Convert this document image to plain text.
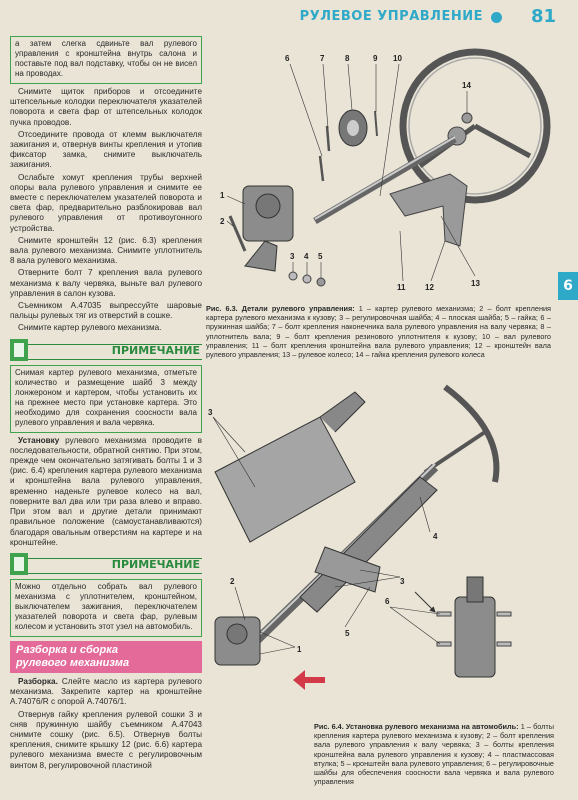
РУЛЕВОЕ УПРАВЛЕНИЕ	81
6

а затем слегка сдвиньте вал рулевого управления с кронштейна внутрь салона и поставьте под вал подставку, чтобы он не висел на проводах.

Снимите щиток приборов и отсоедините штепсельные колодки переключателя указателей поворота и света фар от штепсельных колодок пучка проводов.

Отсоедините провода от клемм выключателя зажигания и, отвернув винты крепления и утопив фиксатор замка, снимите выключатель зажигания.

Ослабьте хомут крепления трубы верхней опоры вала рулевого управления и снимите ее вместе с переключателем указателей поворота и света фар, предварительно разблокировав вал рулевого управления от противоугонного устройства.

Снимите кронштейн 12 (рис. 6.3) крепления вала рулевого механизма. Снимите уплотнитель 8 вала рулевого механизма.

Отверните болт 7 крепления вала рулевого механизма к валу червяка, выньте вал рулевого управления в салон кузова.

Съемником А.47035 выпрессуйте шаровые пальцы рулевых тяг из отверстий в сошке.

Снимите картер рулевого механизма.

ПРИМЕЧАНИЕ

Снимая картер рулевого механизма, отметьте количество и размещение шайб 3 между лонжероном и картером, чтобы установить их на прежнее место при установке картера. Это необходимо для сохранения соосности вала рулевого управления и вала червяка.

Установку рулевого механизма проводите в последовательности, обратной снятию. При этом, прежде чем окончательно затягивать болты 1 и 3 (рис. 6.4) крепления картера рулевого механизма и кронштейна вала рулевого управления, временно наденьте рулевое колесо на вал, поверните вал два или три раза влево и вправо. При этом вал и другие детали принимают правильное положение (самоустанавливаются) благодаря овальным отверстиям на картере и на кронштейне.

ПРИМЕЧАНИЕ

Можно отдельно собрать вал рулевого механизма с уплотнителем, кронштейном, выключателем зажигания, переключателем указателей поворота и света фар, рулевым колесом и установить этот узел на автомобиль.

Разборка и сборка
рулевого механизма

Разборка. Слейте масло из картера рулевого механизма. Закрепите картер на кронштейне А.74076/R с опорой А.74076/1.

Отвернув гайку крепления рулевой сошки 3 и сняв пружинную шайбу съемником А.47043 снимите сошку (рис. 6.5). Отвернув болты крепления, снимите крышку 12 (рис. 6.6) картера рулевого механизма вместе с регулировочным винтом 8, регулировочной пластиной

6	7	8	9 10
14
1
2
3 4 5
11 12	13
Рис. 6.3. Детали рулевого управления: 1 – картер рулевого механизма; 2 – болт крепления картера рулевого механизма к кузову; 3 – регулировочная шайба; 4 – плоская шайба; 5 – гайка; 6 – пружинная шайба; 7 – болт крепления наконечника вала рулевого управления на валу червяка; 8 – уплотнитель вала; 9 – болт крепления резинового уплотнителя к кузову; 10 – вал рулевого управления; 11 – болт крепления кронштейна вала рулевого управления; 12 – кронштейн вала рулевого управления; 13 – рулевое колесо; 14 – гайка крепления рулевого колеса
3
3
4
5
2
1
6
Рис. 6.4. Установка рулевого механизма на автомобиль: 1 – болты крепления картера рулевого механизма к кузову; 2 – болт крепления вала рулевого управления к валу червяка; 3 – болты крепления кронштейна вала рулевого управления к кузову; 4 – пластмассовая втулка; 5 – кронштейн вала рулевого управления; 6 – регулировочные шайбы для обеспечения соосности вала червяка и вала рулевого управления
